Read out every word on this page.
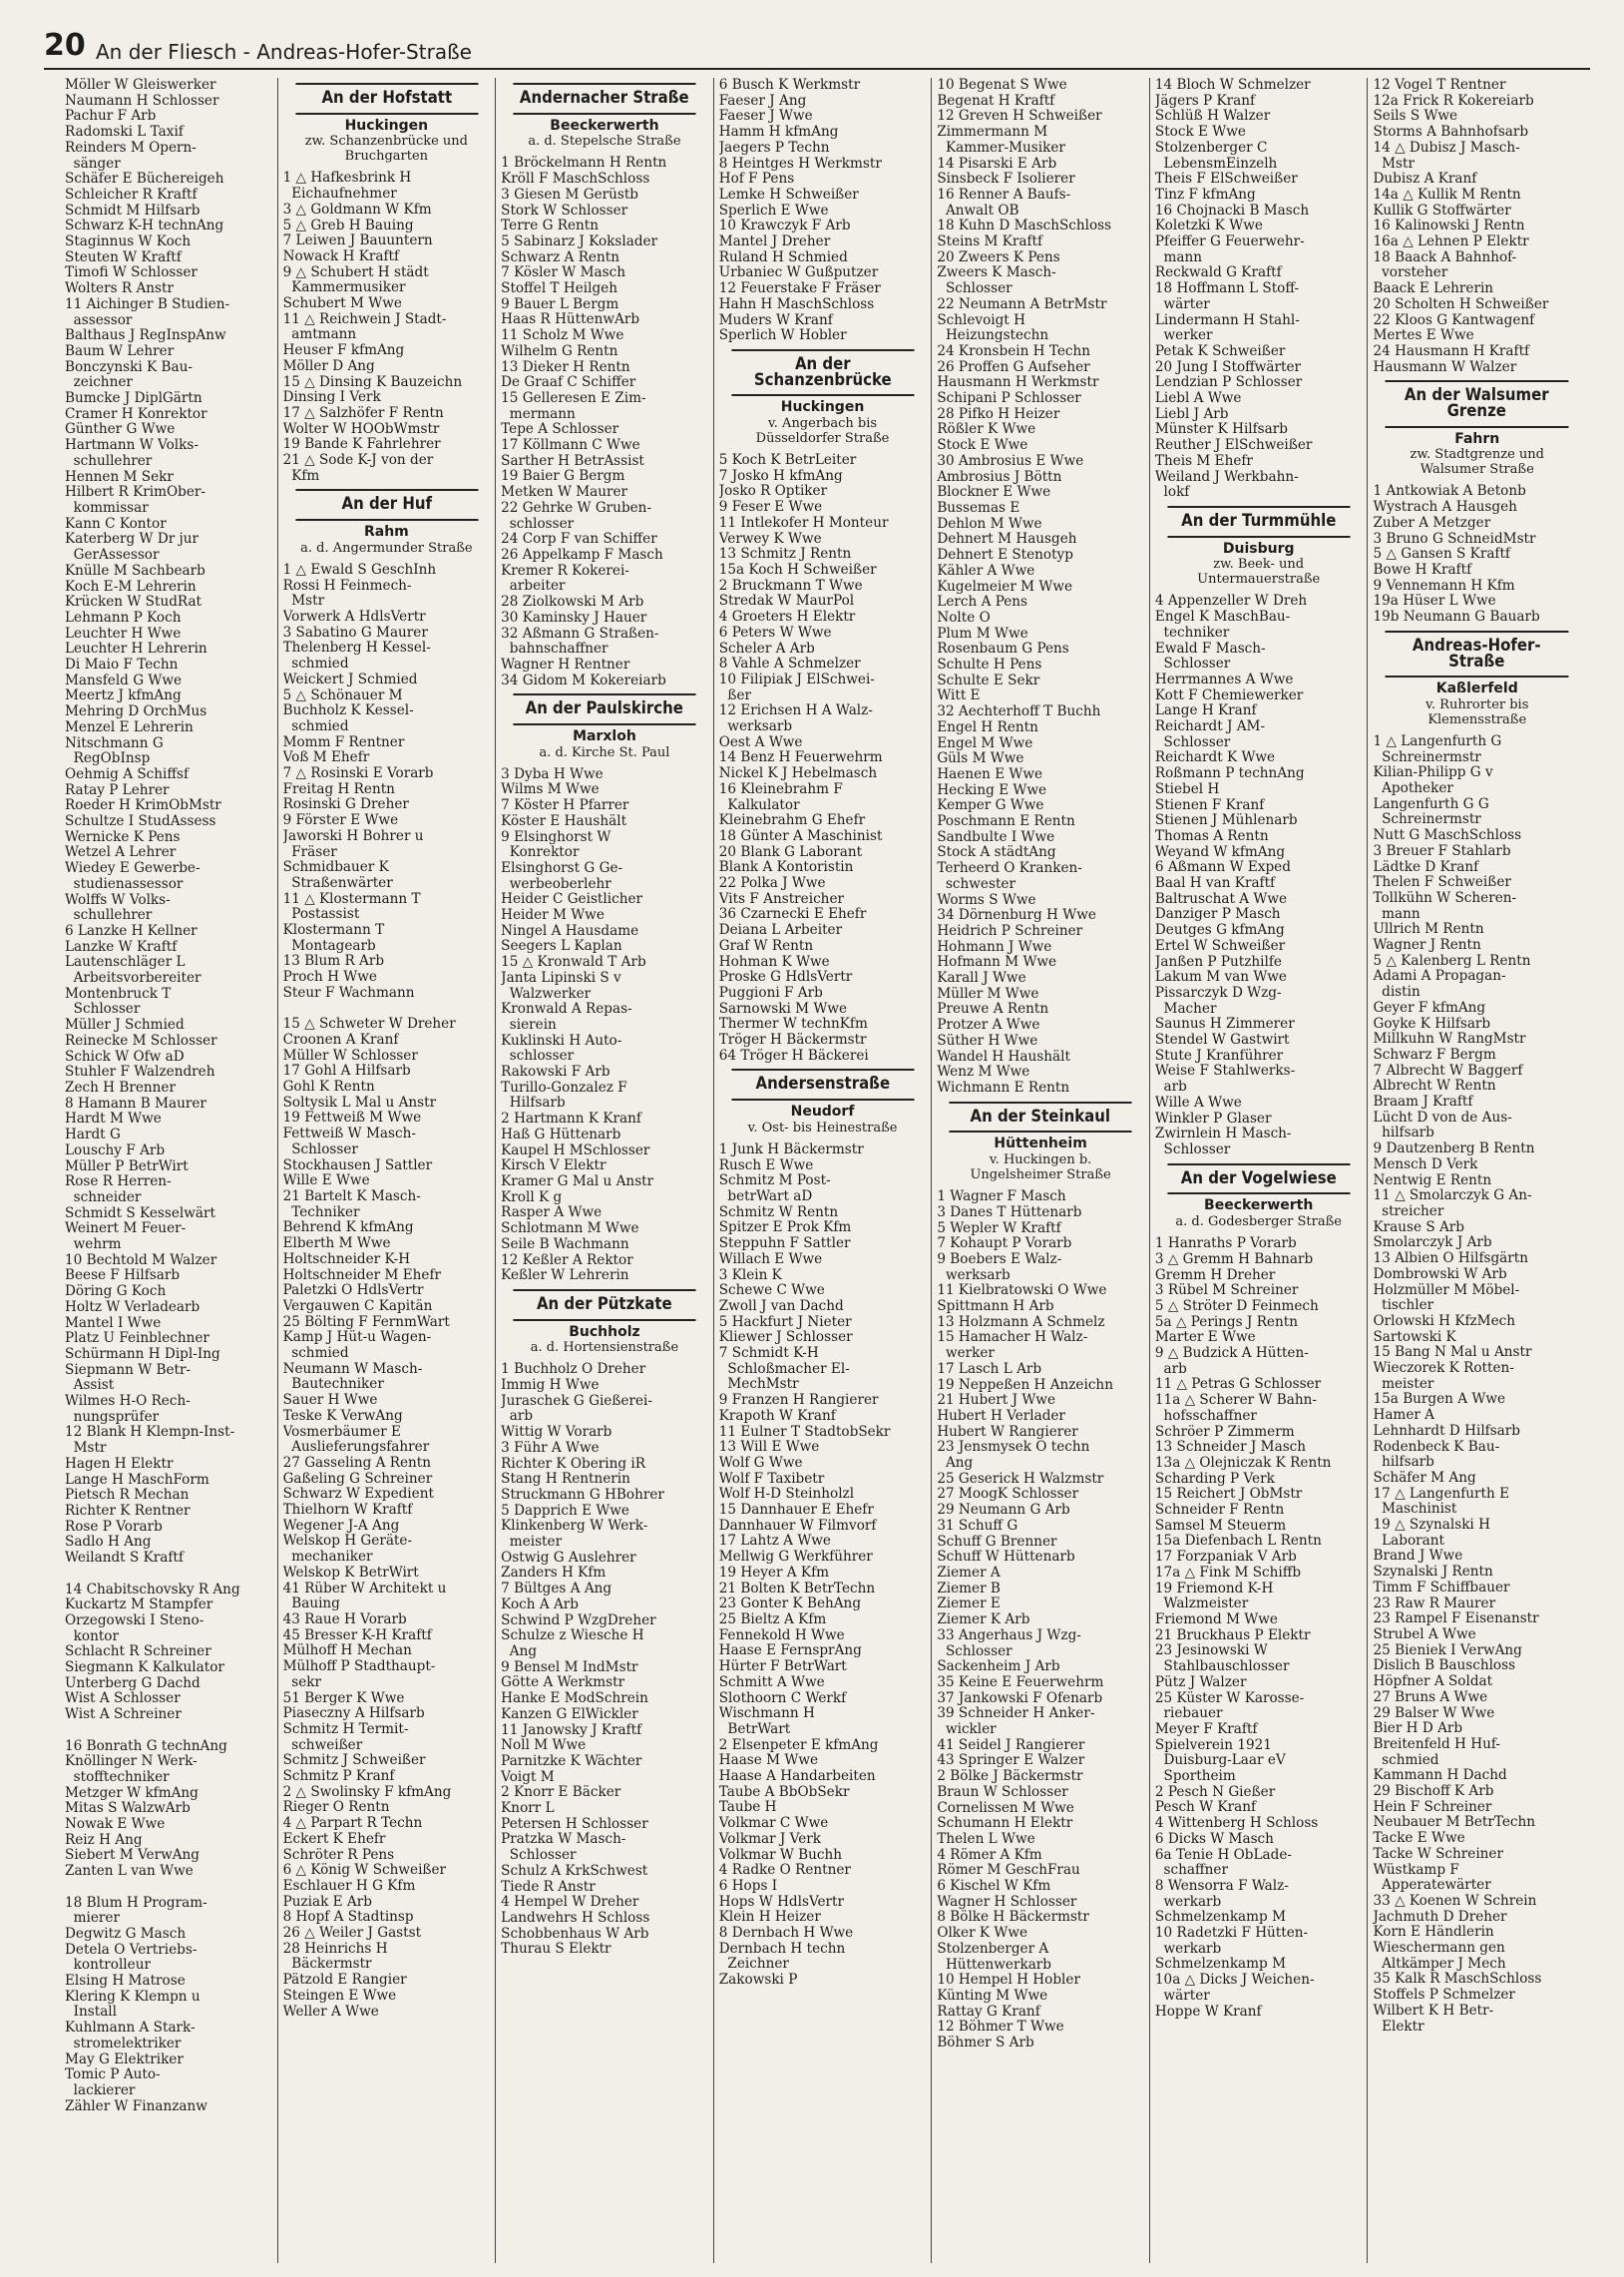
20 An der Fliesch - Andreas-Hofer-Straße
Möller W Gleiswerker
Naumann H Schlosser
Pachur F Arb
Radomski L Taxif
Reinders M Opern-
sänger
Schäfer E Büchereigeh
Schleicher R Kraftf
Schmidt M Hilfsarb
Schwarz K-H technAng
Staginnus W Koch
Steuten W Kraftf
Timofi W Schlosser
Wolters R Anstr
11 Aichinger B Studien-
assessor
Balthaus J RegInspAnw
Baum W Lehrer
Bonczynski K Bau-
zeichner
Bumcke J DiplGärtn
Cramer H Konrektor
Günther G Wwe
Hartmann W Volks-
schullehrer
Hennen M Sekr
Hilbert R KrimOber-
kommissar
Kann C Kontor
Katerberg W Dr jur
GerAssessor
Knülle M Sachbearb
Koch E-M Lehrerin
Krücken W StudRat
Lehmann P Koch
Leuchter H Wwe
Leuchter H Lehrerin
Di Maio F Techn
Mansfeld G Wwe
Meertz J kfmAng
Mehring D OrchMus
Menzel E Lehrerin
Nitschmann G
RegObInsp
Oehmig A Schiffsf
Ratay P Lehrer
Roeder H KrimObMstr
Schultze I StudAssess
Wernicke K Pens
Wetzel A Lehrer
Wiedey E Gewerbe-
studienassessor
Wolffs W Volks-
schullehrer
6 Lanzke H Kellner
Lanzke W Kraftf
Lautenschläger L
Arbeitsvorbereiter
Montenbruck T
Schlosser
Müller J Schmied
Reinecke M Schlosser
Schick W Ofw aD
Stuhler F Walzendreh
Zech H Brenner
8 Hamann B Maurer
Hardt M Wwe
Hardt G
Louschy F Arb
Müller P BetrWirt
Rose R Herren-
schneider
Schmidt S Kesselwärt
Weinert M Feuer-
wehrm
10 Bechtold M Walzer
Beese F Hilfsarb
Döring G Koch
Holtz W Verladearb
Mantel I Wwe
Platz U Feinblechner
Schürmann H Dipl-Ing
Siepmann W Betr-
Assist
Wilmes H-O Rech-
nungsprüfer
12 Blank H Klempn-Inst-
Mstr
Hagen H Elektr
Lange H MaschForm
Pietsch R Mechan
Richter K Rentner
Rose P Vorarb
Sadlo H Ang
Weilandt S Kraftf

14 Chabitschovsky R Ang
Kuckartz M Stampfer
Orzegowski I Steno-
kontor
Schlacht R Schreiner
Siegmann K Kalkulator
Unterberg G Dachd
Wist A Schlosser
Wist A Schreiner

16 Bonrath G technAng
Knöllinger N Werk-
stofftechniker
Metzger W kfmAng
Mitas S WalzwArb
Nowak E Wwe
Reiz H Ang
Siebert M VerwAng
Zanten L van Wwe

18 Blum H Program-
mierer
Degwitz G Masch
Detela O Vertriebs-
kontrolleur
Elsing H Matrose
Klering K Klempn u
Install
Kuhlmann A Stark-
stromelektriker
May G Elektriker
Tomic P Auto-
lackierer
Zähler W Finanzanw
An der Hofstatt
Huckingen
zw. Schanzenbrücke und
Bruchgarten
1 △ Hafkesbrink H
Eichaufnehmer
3 △ Goldmann W Kfm
5 △ Greb H Bauing
7 Leiwen J Bauuntern
Nowack H Kraftf
9 △ Schubert H städt
Kammermusiker
Schubert M Wwe
11 △ Reichwein J Stadt-
amtmann
Heuser F kfmAng
Möller D Ang
15 △ Dinsing K Bauzeichn
Dinsing I Verk
17 △ Salzhöfer F Rentn
Wolter W HOObWmstr
19 Bande K Fahrlehrer
21 △ Sode K-J von der
Kfm
An der Huf
Rahm
a. d. Angermunder Straße
1 △ Ewald S GeschInh
Rossi H Feinmech-
Mstr
Vorwerk A HdlsVertr
3 Sabatino G Maurer
Thelenberg H Kessel-
schmied
Weickert J Schmied
5 △ Schönauer M
Buchholz K Kessel-
schmied
Momm F Rentner
Voß M Ehefr
7 △ Rosinski E Vorarb
Freitag H Rentn
Rosinski G Dreher
9 Förster E Wwe
Jaworski H Bohrer u
Fräser
Schmidbauer K
Straßenwärter
11 △ Klostermann T
Postassist
Klostermann T
Montagearb
13 Blum R Arb
Proch H Wwe
Steur F Wachmann

15 △ Schweter W Dreher
Croonen A Kranf
Müller W Schlosser
17 Gohl A Hilfsarb
Gohl K Rentn
Soltysik L Mal u Anstr
19 Fettweiß M Wwe
Fettweiß W Masch-
Schlosser
Stockhausen J Sattler
Wille E Wwe
21 Bartelt K Masch-
Techniker
Behrend K kfmAng
Elberth M Wwe
Holtschneider K-H
Holtschneider M Ehefr
Paletzki O HdlsVertr
Vergauwen C Kapitän
25 Bölting F FernmWart
Kamp J Hüt-u Wagen-
schmied
Neumann W Masch-
Bautechniker
Sauer H Wwe
Teske K VerwAng
Vosmerbäumer E
Auslieferungsfahrer
27 Gasseling A Rentn
Gaßeling G Schreiner
Schwarz W Expedient
Thielhorn W Kraftf
Wegener J-A Ang
Welskop H Geräte-
mechaniker
Welskop K BetrWirt
41 Rüber W Architekt u
Bauing
43 Raue H Vorarb
45 Bresser K-H Kraftf
Mülhoff H Mechan
Mülhoff P Stadthaupt-
sekr
51 Berger K Wwe
Piaseczny A Hilfsarb
Schmitz H Termit-
schweißer
Schmitz J Schweißer
Schmitz P Kranf
2 △ Swolinsky F kfmAng
Rieger O Rentn
4 △ Parpart R Techn
Eckert K Ehefr
Schröter R Pens
6 △ König W Schweißer
Eschlauer H G Kfm
Puziak E Arb
8 Hopf A Stadtinsp
26 △ Weiler J Gastst
28 Heinrichs H
Bäckermstr
Pätzold E Rangier
Steingen E Wwe
Weller A Wwe
Andernacher Straße
Beeckerwerth
a. d. Stepelsche Straße
1 Bröckelmann H Rentn
Kröll F MaschSchloss
3 Giesen M Gerüstb
Stork W Schlosser
Terre G Rentn
5 Sabinarz J Kokslader
Schwarz A Rentn
7 Kösler W Masch
Stoffel T Heilgeh
9 Bauer L Bergm
Haas R HüttenwArb
11 Scholz M Wwe
Wilhelm G Rentn
13 Dieker H Rentn
De Graaf C Schiffer
15 Gelleresen E Zim-
mermann
Tepe A Schlosser
17 Köllmann C Wwe
Sarther H BetrAssist
19 Baier G Bergm
Metken W Maurer
22 Gehrke W Gruben-
schlosser
24 Corp F van Schiffer
26 Appelkamp F Masch
Kremer R Kokerei-
arbeiter
28 Ziolkowski M Arb
30 Kaminsky J Hauer
32 Aßmann G Straßen-
bahnschaffner
Wagner H Rentner
34 Gidom M Kokereiarb
An der Paulskirche
Marxloh
a. d. Kirche St. Paul
3 Dyba H Wwe
Wilms M Wwe
7 Köster H Pfarrer
Köster E Haushält
9 Elsinghorst W
Konrektor
Elsinghorst G Ge-
werbeoberlehr
Heider C Geistlicher
Heider M Wwe
Ningel A Hausdame
Seegers L Kaplan
15 △ Kronwald T Arb
Janta Lipinski S v
Walzwerker
Kronwald A Repas-
sierein
Kuklinski H Auto-
schlosser
Rakowski F Arb
Turillo-Gonzalez F
Hilfsarb
2 Hartmann K Kranf
Haß G Hüttenarb
Kaupel H MSchlosser
Kirsch V Elektr
Kramer G Mal u Anstr
Kroll K g
Rasper A Wwe
Schlotmann M Wwe
Seile B Wachmann
12 Keßler A Rektor
Keßler W Lehrerin
An der Pützkate
Buchholz
a. d. Hortensienstraße
1 Buchholz O Dreher
Immig H Wwe
Juraschek G Gießerei-
arb
Wittig W Vorarb
3 Führ A Wwe
Richter K Obering iR
Stang H Rentnerin
Struckmann G HBohrer
5 Dapprich E Wwe
Klinkenberg W Werk-
meister
Ostwig G Auslehrer
Zanders H Kfm
7 Bültges A Ang
Koch A Arb
Schwind P WzgDreher
Schulze z Wiesche H
Ang
9 Bensel M IndMstr
Götte A Werkmstr
Hanke E ModSchrein
Kanzen G ElWickler
11 Janowsky J Kraftf
Noll M Wwe
Parnitzke K Wächter
Voigt M
2 Knorr E Bäcker
Knorr L
Petersen H Schlosser
Pratzka W Masch-
Schlosser
Schulz A KrkSchwest
Tiede R Anstr
4 Hempel W Dreher
Landwehrs H Schloss
Schobbenhaus W Arb
Thurau S Elektr
6 Busch K Werkmstr
Faeser J Ang
Faeser J Wwe
Hamm H kfmAng
Jaegers P Techn
8 Heintges H Werkmstr
Hof F Pens
Lemke H Schweißer
Sperlich E Wwe
10 Krawczyk F Arb
Mantel J Dreher
Ruland H Schmied
Urbaniec W Gußputzer
12 Feuerstake F Fräser
Hahn H MaschSchloss
Muders W Kranf
Sperlich W Hobler
An der Schanzenbrücke
Huckingen
v. Angerbach bis
Düsseldorfer Straße
5 Koch K BetrLeiter
7 Josko H kfmAng
Josko R Optiker
9 Feser E Wwe
11 Intlekofer H Monteur
Verwey K Wwe
13 Schmitz J Rentn
15a Koch H Schweißer
2 Bruckmann T Wwe
Stredak W MaurPol
4 Groeters H Elektr
6 Peters W Wwe
Scheler A Arb
8 Vahle A Schmelzer
10 Filipiak J ElSchwei-
ßer
12 Erichsen H A Walz-
werksarb
Oest A Wwe
14 Benz H Feuerwehrm
Nickel K J Hebelmasch
16 Kleinebrahm F
Kalkulator
Kleinebrahm G Ehefr
18 Günter A Maschinist
20 Blank G Laborant
Blank A Kontoristin
22 Polka J Wwe
Vits F Anstreicher
36 Czarnecki E Ehefr
Deiana L Arbeiter
Graf W Rentn
Hohman K Wwe
Proske G HdlsVertr
Puggioni F Arb
Sarnowski M Wwe
Thermer W technKfm
Tröger H Bäckermstr
64 Tröger H Bäckerei
Andersenstraße
Neudorf
v. Ost- bis Heinestraße
1 Junk H Bäckermstr
Rusch E Wwe
Schmitz M Post-
betrWart aD
Schmitz W Rentn
Spitzer E Prok Kfm
Steppuhn F Sattler
Willach E Wwe
3 Klein K
Schewe C Wwe
Zwoll J van Dachd
5 Hackfurt J Nieter
Kliewer J Schlosser
7 Schmidt K-H
Schloßmacher El-
MechMstr
9 Franzen H Rangierer
Krapoth W Kranf
11 Eulner T StadtobSekr
13 Will E Wwe
Wolf G Wwe
Wolf F Taxibetr
Wolf H-D Steinholzl
15 Dannhauer E Ehefr
Dannhauer W Filmvorf
17 Lahtz A Wwe
Mellwig G Werkführer
19 Heyer A Kfm
21 Bolten K BetrTechn
23 Gonter K BehAng
25 Bieltz A Kfm
Fennekold H Wwe
Haase E FernsprAng
Hürter F BetrWart
Schmitt A Wwe
Slothoorn C Werkf
Wischmann H
BetrWart
2 Elsenpeter E kfmAng
Haase M Wwe
Haase A Handarbeiten
Taube A BbObSekr
Taube H
Volkmar C Wwe
Volkmar J Verk
Volkmar W Buchh
4 Radke O Rentner
6 Hops I
Hops W HdlsVertr
Klein H Heizer
8 Dernbach H Wwe
Dernbach H techn
Zeichner
Zakowski P
10 Begenat S Wwe
Begenat H Kraftf
12 Greven H Schweißer
Zimmermann M
Kammer-Musiker
14 Pisarski E Arb
Sinsbeck F Isolierer
16 Renner A Baufs-
Anwalt OB
18 Kuhn D MaschSchloss
Steins M Kraftf
20 Zweers K Pens
Zweers K Masch-
Schlosser
22 Neumann A BetrMstr
Schlevoigt H
Heizungstechn
24 Kronsbein H Techn
26 Proffen G Aufseher
Hausmann H Werkmstr
Schipani P Schlosser
28 Pifko H Heizer
Rößler K Wwe
Stock E Wwe
30 Ambrosius E Wwe
Ambrosius J Böttn
Blockner E Wwe
Bussemas E
Dehlon M Wwe
Dehnert M Hausgeh
Dehnert E Stenotyp
Kähler A Wwe
Kugelmeier M Wwe
Lerch A Pens
Nolte O
Plum M Wwe
Rosenbaum G Pens
Schulte H Pens
Schulte E Sekr
Witt E
32 Aechterhoff T Buchh
Engel H Rentn
Engel M Wwe
Güls M Wwe
Haenen E Wwe
Hecking E Wwe
Kemper G Wwe
Poschmann E Rentn
Sandbulte I Wwe
Stock A städtAng
Terheerd O Kranken-
schwester
Worms S Wwe
34 Dörnenburg H Wwe
Heidrich P Schreiner
Hohmann J Wwe
Hofmann M Wwe
Karall J Wwe
Müller M Wwe
Preuwe A Rentn
Protzer A Wwe
Süther H Wwe
Wandel H Haushält
Wenz M Wwe
Wichmann E Rentn
An der Steinkaul
Hüttenheim
v. Huckingen b.
Ungelsheimer Straße
1 Wagner F Masch
3 Danes T Hüttenarb
5 Wepler W Kraftf
7 Kohaupt P Vorarb
9 Boebers E Walz-
werksarb
11 Kielbratowski O Wwe
Spittmann H Arb
13 Holzmann A Schmelz
15 Hamacher H Walz-
werker
17 Lasch L Arb
19 Neppeßen H Anzeichn
21 Hubert J Wwe
Hubert H Verlader
Hubert W Rangierer
23 Jensmysek O techn
Ang
25 Geserick H Walzmstr
27 MoogK Schlosser
29 Neumann G Arb
31 Schuff G
Schuff G Brenner
Schuff W Hüttenarb
Ziemer A
Ziemer B
Ziemer E
Ziemer K Arb
33 Angerhaus J Wzg-
Schlosser
Sackenheim J Arb
35 Keine E Feuerwehrm
37 Jankowski F Ofenarb
39 Schneider H Anker-
wickler
41 Seidel J Rangierer
43 Springer E Walzer
2 Bölke J Bäckermstr
Braun W Schlosser
Cornelissen M Wwe
Schumann H Elektr
Thelen L Wwe
4 Römer A Kfm
Römer M GeschFrau
6 Kischel W Kfm
Wagner H Schlosser
8 Bölke H Bäckermstr
Olker K Wwe
Stolzenberger A
Hüttenwerkarb
10 Hempel H Hobler
Künting M Wwe
Rattay G Kranf
12 Böhmer T Wwe
Böhmer S Arb
14 Bloch W Schmelzer
Jägers P Kranf
Schlüß H Walzer
Stock E Wwe
Stolzenberger C
LebensmEinzelh
Theis F ElSchweißer
Tinz F kfmAng
16 Chojnacki B Masch
Koletzki K Wwe
Pfeiffer G Feuerwehr-
mann
Reckwald G Kraftf
18 Hoffmann L Stoff-
wärter
Lindermann H Stahl-
werker
Petak K Schweißer
20 Jung I Stoffwärter
Lendzian P Schlosser
Liebl A Wwe
Liebl J Arb
Münster K Hilfsarb
Reuther J ElSchweißer
Theis M Ehefr
Weiland J Werkbahn-
lokf
An der Turmmühle
Duisburg
zw. Beek- und
Untermauerstraße
4 Appenzeller W Dreh
Engel K MaschBau-
techniker
Ewald F Masch-
Schlosser
Herrmannes A Wwe
Kott F Chemiewerker
Lange H Kranf
Reichardt J AM-
Schlosser
Reichardt K Wwe
Roßmann P technAng
Stiebel H
Stienen F Kranf
Stienen J Mühlenarb
Thomas A Rentn
Weyand W kfmAng
6 Aßmann W Exped
Baal H van Kraftf
Baltruschat A Wwe
Danziger P Masch
Deutges G kfmAng
Ertel W Schweißer
Janßen P Putzhilfe
Lakum M van Wwe
Pissarczyk D Wzg-
Macher
Saunus H Zimmerer
Stendel W Gastwirt
Stute J Kranführer
Weise F Stahlwerks-
arb
Wille A Wwe
Winkler P Glaser
Zwirnlein H Masch-
Schlosser
An der Vogelwiese
Beeckerwerth
a. d. Godesberger Straße
1 Hanraths P Vorarb
3 △ Gremm H Bahnarb
Gremm H Dreher
3 Rübel M Schreiner
5 △ Ströter D Feinmech
5a △ Perings J Rentn
Marter E Wwe
9 △ Budzick A Hütten-
arb
11 △ Petras G Schlosser
11a △ Scherer W Bahn-
hofsschaffner
Schröer P Zimmerm
13 Schneider J Masch
13a △ Olejniczak K Rentn
Scharding P Verk
15 Reichert J ObMstr
Schneider F Rentn
Samsel M Steuerm
15a Diefenbach L Rentn
17 Forzpaniak V Arb
17a △ Fink M Schiffb
19 Friemond K-H
Walzmeister
Friemond M Wwe
21 Bruckhaus P Elektr
23 Jesinowski W
Stahlbauschlosser
Pütz J Walzer
25 Küster W Karosse-
riebauer
Meyer F Kraftf
Spielverein 1921
Duisburg-Laar eV
Sportheim
2 Pesch N Gießer
Pesch W Kranf
4 Wittenberg H Schloss
6 Dicks W Masch
6a Tenie H ObLade-
schaffner
8 Wensorra F Walz-
werkarb
Schmelzenkamp M
10 Radetzki F Hütten-
werkarb
Schmelzenkamp M
10a △ Dicks J Weichen-
wärter
Hoppe W Kranf
12 Vogel T Rentner
12a Frick R Kokereiarb
Seils S Wwe
Storms A Bahnhofsarb
14 △ Dubisz J Masch-
Mstr
Dubisz A Kranf
14a △ Kullik M Rentn
Kullik G Stoffwärter
16 Kalinowski J Rentn
16a △ Lehnen P Elektr
18 Baack A Bahnhof-
vorsteher
Baack E Lehrerin
20 Scholten H Schweißer
22 Kloos G Kantwagenf
Mertes E Wwe
24 Hausmann H Kraftf
Hausmann W Walzer
An der Walsumer Grenze
Fahrn
zw. Stadtgrenze und
Walsumer Straße
1 Antkowiak A Betonb
Wystrach A Hausgeh
Zuber A Metzger
3 Bruno G SchneidMstr
5 △ Gansen S Kraftf
Bowe H Kraftf
9 Vennemann H Kfm
19a Hüser L Wwe
19b Neumann G Bauarb
Andreas-Hofer-Straße
Kaßlerfeld
v. Ruhrorter bis
Klemensstraße
1 △ Langenfurth G
Schreinermstr
Kilian-Philipp G v
Apotheker
Langenfurth G G
Schreinermstr
Nutt G MaschSchloss
3 Breuer F Stahlarb
Lädtke D Kranf
Thelen F Schweißer
Tollkühn W Scheren-
mann
Ullrich M Rentn
Wagner J Rentn
5 △ Kalenberg L Rentn
Adami A Propagan-
distin
Geyer F kfmAng
Goyke K Hilfsarb
Millkuhn W RangMstr
Schwarz F Bergm
7 Albrecht W Baggerf
Albrecht W Rentn
Braam J Kraftf
Lücht D von de Aus-
hilfsarb
9 Dautzenberg B Rentn
Mensch D Verk
Nentwig E Rentn
11 △ Smolarczyk G An-
streicher
Krause S Arb
Smolarczyk J Arb
13 Albien O Hilfsgärtn
Dombrowski W Arb
Holzmüller M Möbel-
tischler
Orlowski H KfzMech
Sartowski K
15 Bang N Mal u Anstr
Wieczorek K Rotten-
meister
15a Burgen A Wwe
Hamer A
Lehnhardt D Hilfsarb
Rodenbeck K Bau-
hilfsarb
Schäfer M Ang
17 △ Langenfurth E
Maschinist
19 △ Szynalski H
Laborant
Brand J Wwe
Szynalski J Rentn
Timm F Schiffbauer
23 Raw R Maurer
23 Rampel F Eisenanstr
Strubel A Wwe
25 Bieniek I VerwAng
Dislich B Bauschloss
Höpfner A Soldat
27 Bruns A Wwe
29 Balser W Wwe
Bier H D Arb
Breitenfeld H Huf-
schmied
Kammann H Dachd
29 Bischoff K Arb
Hein F Schreiner
Neubauer M BetrTechn
Tacke E Wwe
Tacke W Schreiner
Wüstkamp F
Apperatewärter
33 △ Koenen W Schrein
Jachmuth D Dreher
Korn E Händlerin
Wieschermann gen
Altkämper J Mech
35 Kalk R MaschSchloss
Stoffels P Schmelzer
Wilbert K H Betr-
Elektr
